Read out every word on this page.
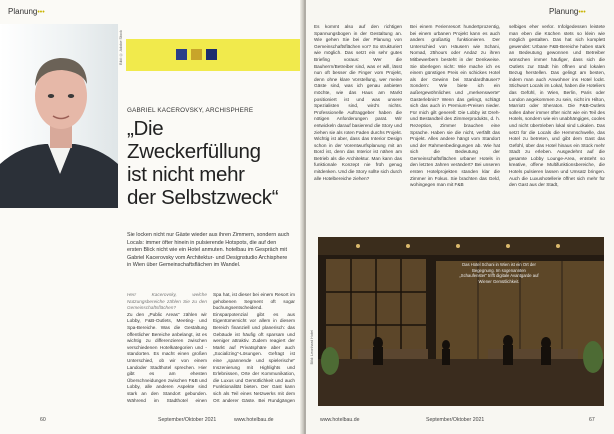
Planung•••
Bild: © Adobe Stock
GABRIEL KACEROVSKY, ARCHISPHERE
„Die Zweckerfüllung
ist nicht mehr
der Selbstzweck“
Sie locken nicht nur Gäste wieder aus ihren Zimmern, sondern auch Locals: immer öfter hinein in pulsierende Hotspots, die auf den ersten Blick nicht wie ein Hotel anmuten. hotelbau im Gespräch mit Gabriel Kacerovsky vom Architektur- und Designstudio Archisphere in Wien über Gemeinschaftsflächen im Wandel.

Herr Kacerovsky, welche Nutzungsbereiche zählen Sie zu den Gemeinschaftsflächen?

Zu den „Public Areas“ zählen wir Lobby, F&B-Outlets, Meeting- und Spa-Bereiche. Was die Gestaltung öffentlicher Bereiche anbelangt, ist es wichtig zu differenzieren zwischen verschiedenen Hotelkategorien und -standorten. Es macht einen großen Unterschied, ob wir von einem Landoder Stadthotel sprechen. Hier gibt es am ehesten Überschneidungen zwischen F&B und Lobby, alle anderen Aspekte sind stark an den Standort gebunden. Während im Stadthotel einen

Spa hat, ist dieser bei einem Resort im gehobenen Segment oft sogar buchungsentscheidend. Einsparpotenzial gibt es aus Eigentümersicht vor allem in diesem Bereich finanziell und planerisch: das Gebäude ist häufig oft sparsam und weniger attraktiv. Zudem reagiert der Markt auf Privatsphäre aber auch „Socializing“-Lösungen. Gefragt ist eine „spannende und spielerische“ Inszenierung mit Highlights und Erlebnissen, Orte der Kommunikation, die Luxus und Gemütlichkeit und auch Funktionalität bieten. Der Gast kann sich als Teil eines Netzwerks mit dem Ort anderer Gäste. Bei Rundgängen
60	September/Oktober 2021	www.hotelbau.de
Planung•••
Es kommt also auf den richtigen Spannungsbogen in der Gestaltung an. Wie gehen Sie bei der Planung von Gemeinschaftsflächen vor? So strukturiert wie möglich. Das setzt ein sehr gutes Briefing voraus: Wer die Bauherrn/Betreiber sind, was er will, lässt nun oft besser die Finger vom Projekt, denn ohne klare Vorstellung, wer meine Gäste sind, was ich genau anbieten möchte, wie das Haus am Markt positioniert ist und was unsere Spezialisten sind, wird's nichts. Professionelle Auftraggeber haben die nötigen Anforderungen parat. Wir entwickeln darauf basierend die Story und ziehen sie als roten Faden durchs Projekt. Wichtig ist aber, dass das Interior Design schon in der Vorentwurfsplanung mit an Bord ist, denn das Interior ist nähen am Betrieb als die Architektur. Man kann das funktionale Konzept nie früh genug mitdenken. Und die Story sollte sich durch alle Hotelbereiche ziehen?
Bei einem Ferienresort hundertprozentig, bei einem urbanen Projekt kann es auch anders großartig funktionieren. Der Unterschied von Häusern wie Schani, Nomad, 25hours oder Andaz zu ihren Mitbewerbern besteht in der Denkweise. Sie überlegen nicht: Wie mache ich es einem günstigen Preis ein schickes Hotel als der Gewinn bei Standardhäuser? Sondern: Wie biete ich ein außergewöhnliches und „merkenswerte“ Gasterlebnis? Wenn das gelingt, schlägt sich das auch in Premium-Preisen nieder. Für mich gilt generell: Die Lobby ist Dreh- und Bestandteil des Zimmerprodukts, d. h. Rezeption, Zimmer brauchen eine Sprache. Haben sie die nicht, verfällt das Projekt. Alles andere hängt vom Standort und der Rahmenbedingungen ab. Wie hat sich die Bedeutung der Gemeinschaftsflächen urbaner Hotels in den letzten Jahren verändert? Bei unseren ersten Hotelprojekten standen klar die Zimmer im Fokus. Sie brachten das Geld, wohingegen man mit F&B
selbiges eher verlor. Infolgedessen leistete man eben die Küchen stets so klein wie möglich gestalten. Das hat sich komplett gewendet: Urbane F&B-Bereiche haben stark an Bedeutung gewonnen und Betreiber wünschen immer häufiger, dass sich die Outlets zur Stadt hin öffnen und lokalen Bezug herstellen. Das gelingt am besten, indem man auch Anwohner ins Hotel lockt. Stichwort Locals im Lokal, haben die Hoteliers das Gefühl, in Wien, Berlin, Paris oder London angekommen zu sein, nicht im Hilton, Marriott oder Sheraton. Die F&B-Outlets sollen daher immer öfter nicht wie ein Teil des Hotels, sondern wie ein unabhängiges, cooles und nicht übertrieben lokal sind Lokalen. Das setzt für die Locals die Hemmschwelle, das Hotel zu betreten, und gibt dem Gast das Gefühl, über das Hotel hinaus ein Stück mehr Stadt zu erleben. Ausgedehnt auf die gesamte Lobby Lounge-Area, entsteht so kreative, offene Multifunktionsbereiche, die Hotels pulsieren lassen und Umsatz bringen. Auch die Luxushotellerie öffnet sich mehr für den Gast aus der Stadt,
Bild: Leonhard Hotel
Das Hotel Schani in Wien ist ein Ort der Begegnung. Im sogenannten „Schaufenster“ trifft digitale Avantgarde auf Wiener Gemütlichkeit.
www.hotelbau.de	September/Oktober 2021	67
